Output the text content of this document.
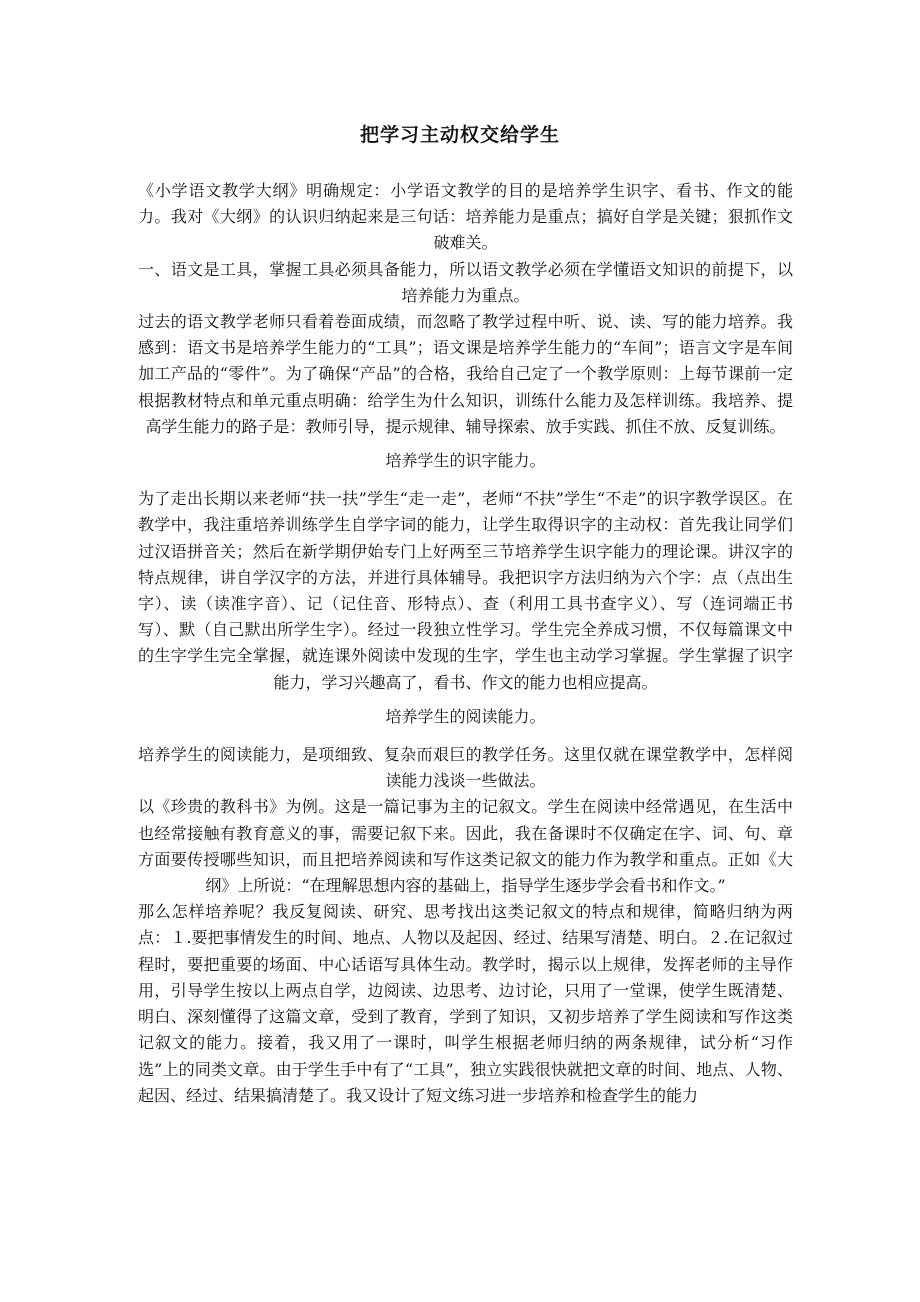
把学习主动权交给学生

《小学语文教学大纲》明确规定：小学语文教学的目的是培养学生识字、看书、作文的能力。我对《大纲》的认识归纳起来是三句话：培养能力是重点；搞好自学是关键；狠抓作文破难关。

一、语文是工具，掌握工具必须具备能力，所以语文教学必须在学懂语文知识的前提下，以培养能力为重点。

过去的语文教学老师只看着卷面成绩，而忽略了教学过程中听、说、读、写的能力培养。我感到：语文书是培养学生能力的“工具”；语文课是培养学生能力的“车间”；语言文字是车间加工产品的“零件”。为了确保“产品”的合格，我给自己定了一个教学原则：上每节课前一定根据教材特点和单元重点明确：给学生为什么知识，训练什么能力及怎样训练。我培养、提高学生能力的路子是：教师引导，提示规律、辅导探索、放手实践、抓住不放、反复训练。

培养学生的识字能力。

为了走出长期以来老师“扶一扶”学生“走一走”，老师“不扶”学生“不走”的识字教学误区。在教学中，我注重培养训练学生自学字词的能力，让学生取得识字的主动权：首先我让同学们过汉语拼音关；然后在新学期伊始专门上好两至三节培养学生识字能力的理论课。讲汉字的特点规律，讲自学汉字的方法，并进行具体辅导。我把识字方法归纳为六个字：点（点出生字）、读（读准字音）、记（记住音、形特点）、查（利用工具书查字义）、写（连词端正书写）、默（自己默出所学生字）。经过一段独立性学习。学生完全养成习惯，不仅每篇课文中的生字学生完全掌握，就连课外阅读中发现的生字，学生也主动学习掌握。学生掌握了识字能力，学习兴趣高了，看书、作文的能力也相应提高。

培养学生的阅读能力。

培养学生的阅读能力，是项细致、复杂而艰巨的教学任务。这里仅就在课堂教学中，怎样阅读能力浅谈一些做法。

以《珍贵的教科书》为例。这是一篇记事为主的记叙文。学生在阅读中经常遇见，在生活中也经常接触有教育意义的事，需要记叙下来。因此，我在备课时不仅确定在字、词、句、章方面要传授哪些知识，而且把培养阅读和写作这类记叙文的能力作为教学和重点。正如《大纲》上所说：“在理解思想内容的基础上，指导学生逐步学会看书和作文。”

那么怎样培养呢？我反复阅读、研究、思考找出这类记叙文的特点和规律，简略归纳为两点：１.要把事情发生的时间、地点、人物以及起因、经过、结果写清楚、明白。２.在记叙过程时，要把重要的场面、中心话语写具体生动。教学时，揭示以上规律，发挥老师的主导作用，引导学生按以上两点自学，边阅读、边思考、边讨论，只用了一堂课，使学生既清楚、明白、深刻懂得了这篇文章，受到了教育，学到了知识，又初步培养了学生阅读和写作这类记叙文的能力。接着，我又用了一课时，叫学生根据老师归纳的两条规律，试分析“习作选”上的同类文章。由于学生手中有了“工具”，独立实践很快就把文章的时间、地点、人物、起因、经过、结果搞清楚了。我又设计了短文练习进一步培养和检查学生的能力
